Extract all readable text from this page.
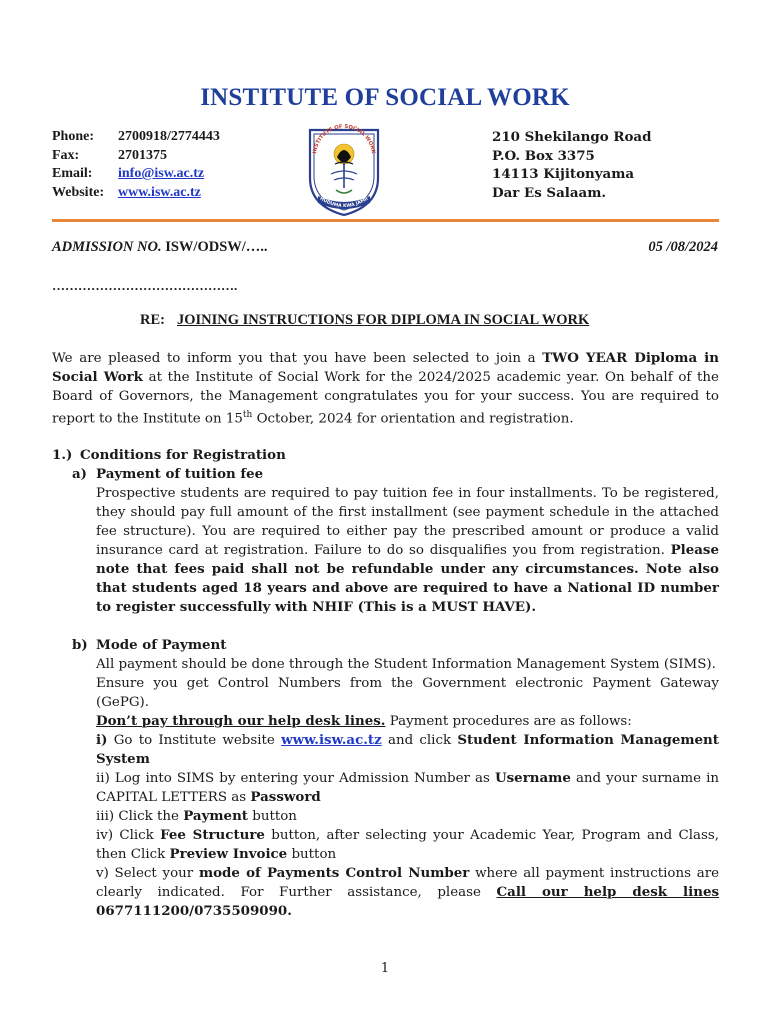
INSTITUTE OF SOCIAL WORK
Phone:	2700918/2774443
Fax:	2701375
Email:	info@isw.ac.tz
Website: www.isw.ac.tz
INSTITUTE OF SOCIAL WORK
HUDUMA KWA JAMII
210 Shekilango Road
P.O. Box 3375
14113 Kijitonyama
Dar Es Salaam.
ADMISSION NO. ISW/ODSW/…..	05 /08/2024
…………………………………….
RE: JOINING INSTRUCTIONS FOR DIPLOMA IN SOCIAL WORK
We are pleased to inform you that you have been selected to join a TWO YEAR Diploma in Social Work at the Institute of Social Work for the 2024/2025 academic year. On behalf of the Board of Governors, the Management congratulates you for your success. You are required to report to the Institute on 15th October, 2024 for orientation and registration.
1.) Conditions for Registration
a) Payment of tuition fee
Prospective students are required to pay tuition fee in four installments. To be registered, they should pay full amount of the first installment (see payment schedule in the attached fee structure). You are required to either pay the prescribed amount or produce a valid insurance card at registration. Failure to do so disqualifies you from registration. Please note that fees paid shall not be refundable under any circumstances. Note also that students aged 18 years and above are required to have a National ID number to register successfully with NHIF (This is a MUST HAVE).
b) Mode of Payment
All payment should be done through the Student Information Management System (SIMS).
Ensure you get Control Numbers from the Government electronic Payment Gateway (GePG).
Don’t pay through our help desk lines. Payment procedures are as follows:
i) Go to Institute website www.isw.ac.tz and click Student Information Management System
ii) Log into SIMS by entering your Admission Number as Username and your surname in CAPITAL LETTERS as Password
iii) Click the Payment button
iv) Click Fee Structure button, after selecting your Academic Year, Program and Class, then Click Preview Invoice button
v) Select your mode of Payments Control Number where all payment instructions are clearly indicated. For Further assistance, please Call our help desk lines 0677111200/0735509090.
1
